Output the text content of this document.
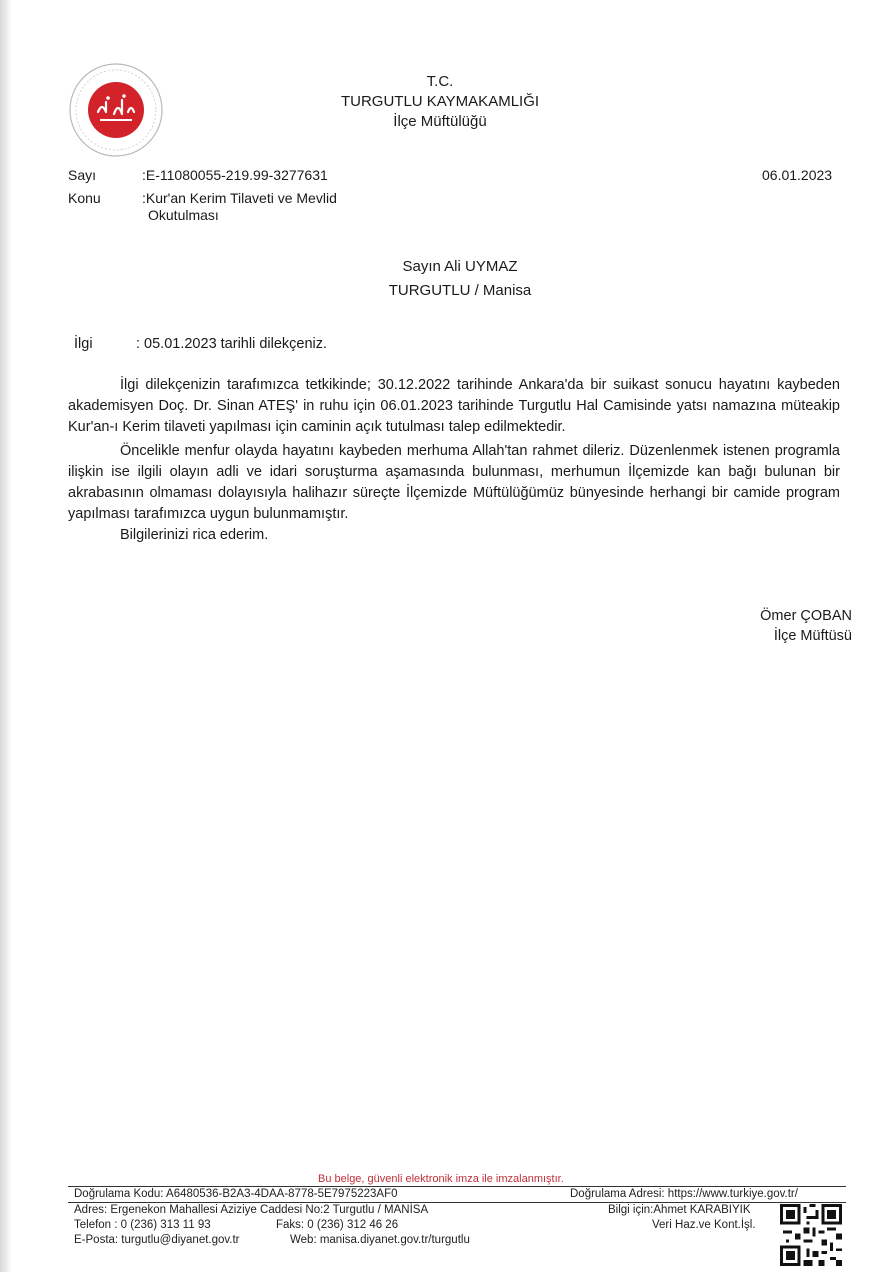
T.C.
TURGUTLU KAYMAKAMLIĞI
İlçe Müftülüğü
Sayı	:E-11080055-219.99-3277631	06.01.2023
Konu	:Kur'an Kerim Tilaveti ve Mevlid
Okutulması
Sayın Ali UYMAZ
TURGUTLU / Manisa
İlgi	: 05.01.2023 tarihli dilekçeniz.

İlgi dilekçenizin tarafımızca tetkikinde; 30.12.2022 tarihinde Ankara'da bir suikast sonucu hayatını kaybeden akademisyen Doç. Dr. Sinan ATEŞ' in ruhu için 06.01.2023 tarihinde Turgutlu Hal Camisinde yatsı namazına müteakip Kur'an-ı Kerim tilaveti yapılması için caminin açık tutulması talep edilmektedir.

Öncelikle menfur olayda hayatını kaybeden merhuma Allah'tan rahmet dileriz. Düzenlenmek istenen programla ilişkin ise ilgili olayın adli ve idari soruşturma aşamasında bulunması, merhumun İlçemizde kan bağı bulunan bir akrabasının olmaması dolayısıyla halihazır süreçte İlçemizde Müftülüğümüz bünyesinde herhangi bir camide program yapılması tarafımızca uygun bulunmamıştır.

Bilgilerinizi rica ederim.

Ömer ÇOBAN
İlçe Müftüsü
Bu belge, güvenli elektronik imza ile imzalanmıştır.
Doğrulama Kodu: A6480536-B2A3-4DAA-8778-5E7975223AF0	Doğrulama Adresi: https://www.turkiye.gov.tr/
Adres: Ergenekon Mahallesi Aziziye Caddesi No:2 Turgutlu / MANİSA	Bilgi için:Ahmet KARABIYIK
Telefon : 0 (236) 313 11 93	Faks: 0 (236) 312 46 26	Veri Haz.ve Kont.İşl.
E-Posta: turgutlu@diyanet.gov.tr	Web: manisa.diyanet.gov.tr/turgutlu
